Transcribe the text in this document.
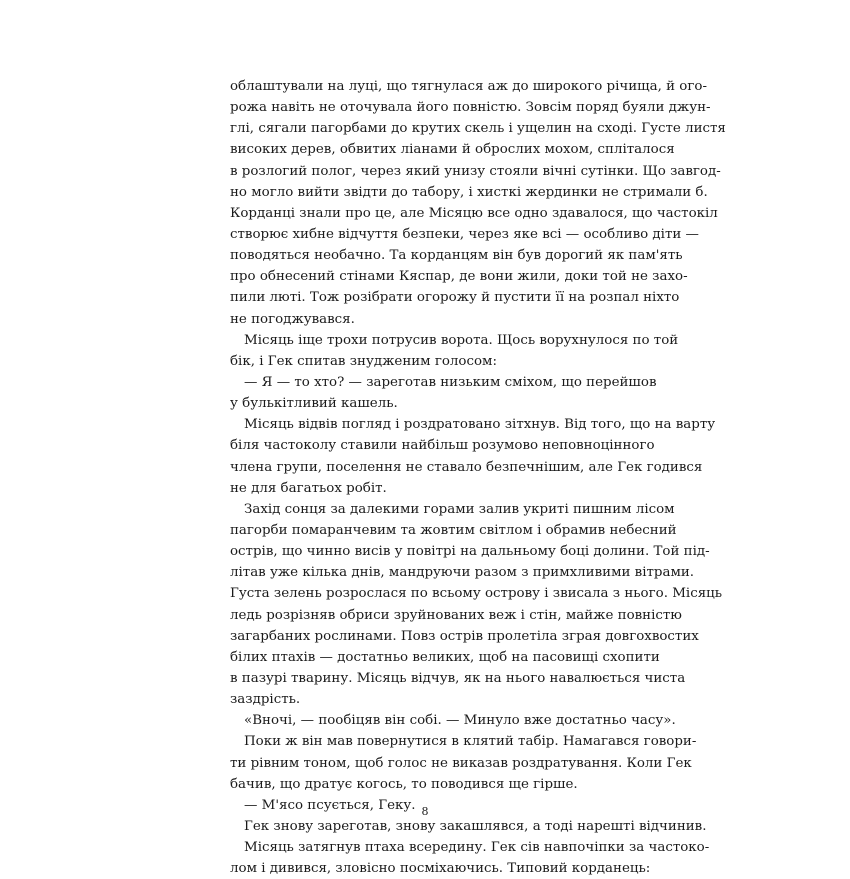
облаштували на луці, що тягнулася аж до широкого річища, й ого-
рожа навіть не оточувала його повністю. Зовсім поряд буяли джун-
глі, сягали пагорбами до крутих скель і ущелин на сході. Густе листя
високих дерев, обвитих ліанами й оброслих мохом, сплiталося
в розлогий полог, через який унизу стояли вічні сутінки. Що завгод-
но могло вийти звідти до табору, і хисткі жердинки не стримали б.
Корданці знали про це, але Місяцю все одно здавалося, що частокіл
створює хибне відчуття безпеки, через яке всі — особливо діти —
поводяться необачно. Та корданцям він був дорогий як пам'ять
про обнесений стінами Кяспар, де вони жили, доки той не захо-
пили люті. Тож розібрати огорожу й пустити її на розпал ніхто
не погоджувався.
Місяць іще трохи потрусив ворота. Щось ворухнулося по той
бік, і Гек спитав знудженим голосом:
— Я — то хто? — зареготав низьким сміхом, що перейшов
у булькітливий кашель.
Місяць відвів погляд і роздратовано зітхнув. Від того, що на варту
біля частоколу ставили найбільш розумово неповноцінного
члена групи, поселення не ставало безпечнішим, але Гек годився
не для багатьох робіт.
Захід сонця за далекими горами залив укриті пишним лісом
пагорби помаранчевим та жовтим світлом і обрамив небесний
острів, що чинно висів у повітрі на дальньому боці долини. Той під-
літав уже кілька днів, мандруючи разом з примхливими вітрами.
Густа зелень розрослася по всьому острову і звисала з нього. Місяць
ледь розрізняв обриси зруйнованих веж і стін, майже повністю
загарбаних рослинами. Повз острів пролетіла зграя довгохвостих
білих птахів — достатньо великих, щоб на пасовищі схопити
в пазурі тварину. Місяць відчув, як на нього навалюється чиста
заздрість.
«Вночі, — пообіцяв він собі. — Минуло вже достатньо часу».
Поки ж він мав повернутися в клятий табір. Намагався говори-
ти рівним тоном, щоб голос не виказав роздратування. Коли Гек
бачив, що дратує когось, то поводився ще гірше.
— М'ясо псується, Геку.
Гек знову зареготав, знову закашлявся, а тоді нарешті відчинив.
Місяць затягнув птаха всередину. Гек сів навпочіпки за частоко-
лом і дивився, зловісно посміхаючись. Типовий корданець:
8
